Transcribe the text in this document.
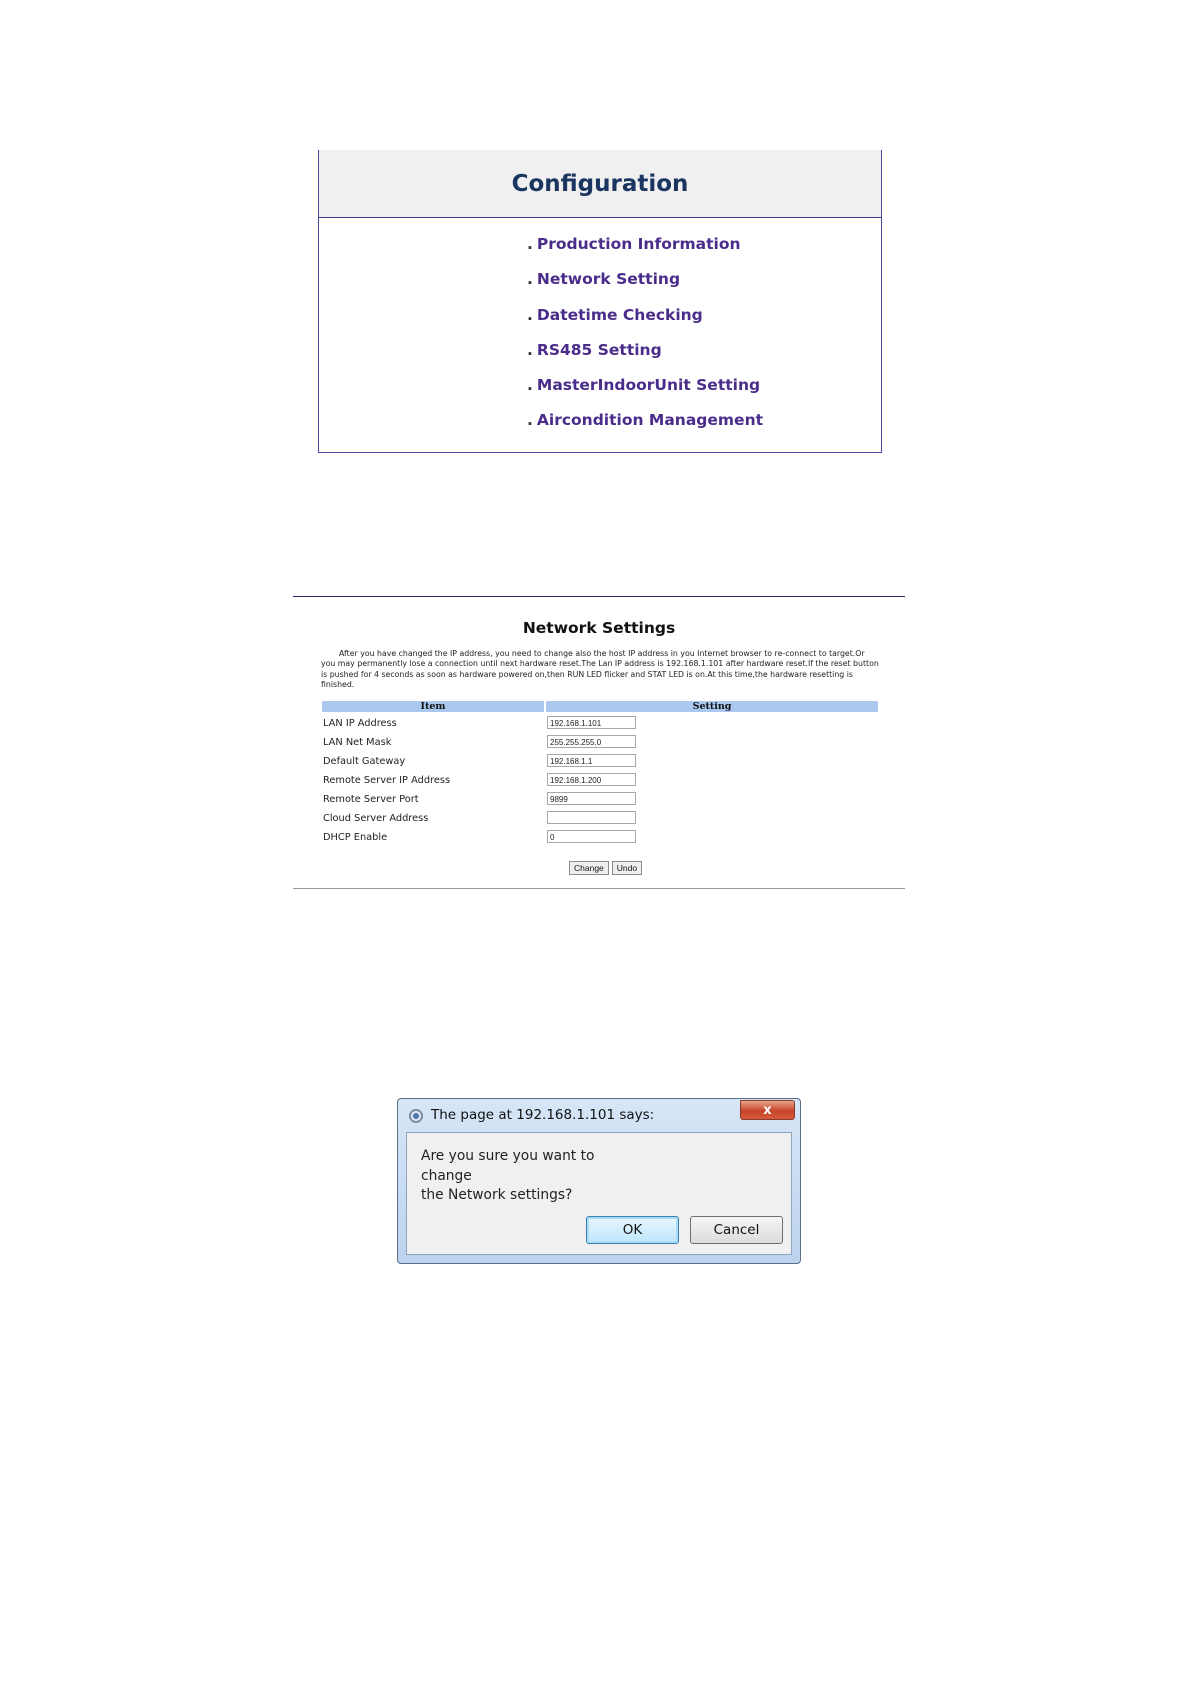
Configuration
. Production Information
. Network Setting
. Datetime Checking
. RS485 Setting
. MasterIndoorUnit Setting
. Aircondition Management
Network Settings
After you have changed the IP address, you need to change also the host IP address in you Internet browser to re-connect to target.Or you may permanently lose a connection until next hardware reset.The Lan IP address is 192.168.1.101 after hardware reset.If the reset button is pushed for 4 seconds as soon as hardware powered on,then RUN LED flicker and STAT LED is on.At this time,the hardware resetting is finished.
Item	Setting
LAN IP Address	192.168.1.101
LAN Net Mask	255.255.255.0
Default Gateway	192.168.1.1
Remote Server IP Address	192.168.1.200
Remote Server Port	9899
Cloud Server Address
DHCP Enable	0
Change	Undo
The page at 192.168.1.101 says:	x
Are you sure you want to change
the Network settings?
OK	Cancel
